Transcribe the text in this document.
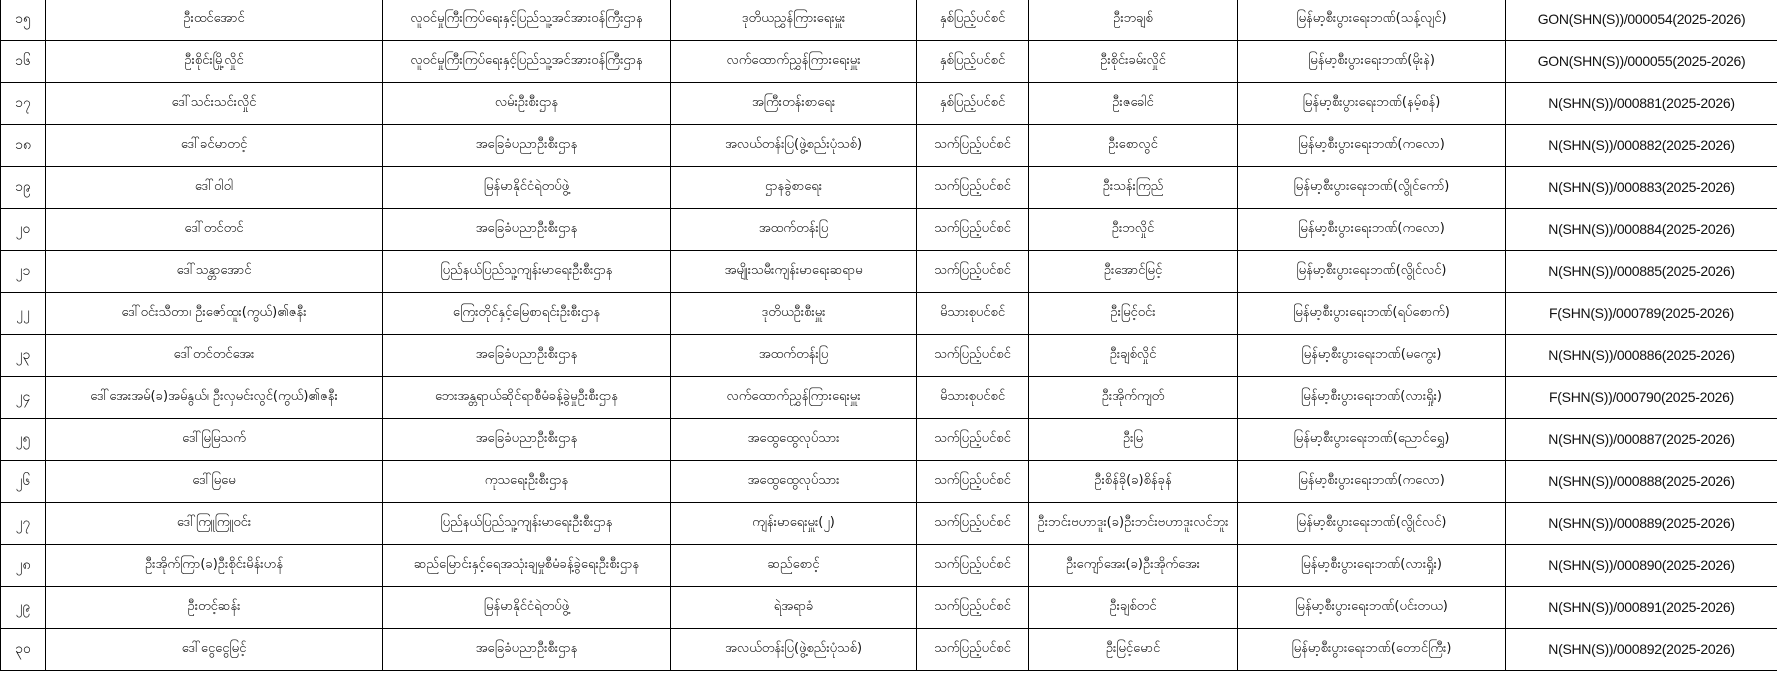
၁၅	ဦးထင်အောင်	လူဝင်မှုကြီးကြပ်ရေးနှင့်ပြည်သူ့အင်အားဝန်ကြီးဌာန	ဒုတိယညွှန်ကြားရေးမှူး	နှစ်ပြည့်ပင်စင်	ဦးဘချစ်	မြန်မာ့စီးပွားရေးဘဏ်(သန့်လျင်)	GON(SHN(S))/000054(2025-2026)
၁၆	ဦးစိုင်းမြို့လှိုင်	လူဝင်မှုကြီးကြပ်ရေးနှင့်ပြည်သူ့အင်အားဝန်ကြီးဌာန	လက်ထောက်ညွှန်ကြားရေးမှူး	နှစ်ပြည့်ပင်စင်	ဦးစိုင်းခမ်းလှိုင်	မြန်မာ့စီးပွားရေးဘဏ်(မိုးနဲ)	GON(SHN(S))/000055(2025-2026)
၁၇	ဒေါ်သင်းသင်းလှိုင်	လမ်းဦးစီးဌာန	အကြီးတန်းစာရေး	နှစ်ပြည့်ပင်စင်	ဦးဇခေါင်	မြန်မာ့စီးပွားရေးဘဏ်(နမ့်စန်)	N(SHN(S))/000881(2025-2026)
၁၈	ဒေါ်ခင်မာတင့်	အခြေခံပညာဦးစီးဌာန	အလယ်တန်းပြ(ဖွဲ့စည်းပုံသစ်)	သက်ပြည့်ပင်စင်	ဦးစောလွင်	မြန်မာ့စီးပွားရေးဘဏ်(ကလော)	N(SHN(S))/000882(2025-2026)
၁၉	ဒေါ်ဝါဝါ	မြန်မာနိုင်ငံရဲတပ်ဖွဲ့	ဌာနခွဲစာရေး	သက်ပြည့်ပင်စင်	ဦးသန်းကြည်	မြန်မာ့စီးပွားရေးဘဏ်(လွိုင်ကော်)	N(SHN(S))/000883(2025-2026)
၂၀	ဒေါ်တင်တင်	အခြေခံပညာဦးစီးဌာန	အထက်တန်းပြ	သက်ပြည့်ပင်စင်	ဦးဘလှိုင်	မြန်မာ့စီးပွားရေးဘဏ်(ကလော)	N(SHN(S))/000884(2025-2026)
၂၁	ဒေါ်သန္တာအောင်	ပြည်နယ်ပြည်သူ့ကျန်းမာရေးဦးစီးဌာန	အမျိုးသမီးကျန်းမာရေးဆရာမ	သက်ပြည့်ပင်စင်	ဦးအောင်မြင့်	မြန်မာ့စီးပွားရေးဘဏ်(လွိုင်လင်)	N(SHN(S))/000885(2025-2026)
၂၂	ဒေါ်ဝင်းသီတာ၊ ဦးဇော်ထူး(ကွယ်)၏ဇနီး	ကြေးတိုင်နှင့်မြေစာရင်းဦးစီးဌာန	ဒုတိယဦးစီးမှူး	မိသားစုပင်စင်	ဦးမြင့်ဝင်း	မြန်မာ့စီးပွားရေးဘဏ်(ရပ်စောက်)	F(SHN(S))/000789(2025-2026)
၂၃	ဒေါ်တင်တင်အေး	အခြေခံပညာဦးစီးဌာန	အထက်တန်းပြ	သက်ပြည့်ပင်စင်	ဦးချစ်လှိုင်	မြန်မာ့စီးပွားရေးဘဏ်(မကွေး)	N(SHN(S))/000886(2025-2026)
၂၄	ဒေါ်အေးအမ်(ခ)အမ်နွယ်၊ ဦးလှမင်းလွင်(ကွယ်)၏ဇနီး	ဘေးအန္တရာယ်ဆိုင်ရာစီမံခန့်ခွဲမှုဦးစီးဌာန	လက်ထောက်ညွှန်ကြားရေးမှူး	မိသားစုပင်စင်	ဦးအိုက်ကျတ်	မြန်မာ့စီးပွားရေးဘဏ်(လားရှိုး)	F(SHN(S))/000790(2025-2026)
၂၅	ဒေါ်မြမြသက်	အခြေခံပညာဦးစီးဌာန	အထွေထွေလုပ်သား	သက်ပြည့်ပင်စင်	ဦးမြ	မြန်မာ့စီးပွားရေးဘဏ်(ညောင်ရွှေ)	N(SHN(S))/000887(2025-2026)
၂၆	ဒေါ်မြမေ	ကုသရေးဦးစီးဌာန	အထွေထွေလုပ်သား	သက်ပြည့်ပင်စင်	ဦးစိန်ခို(ခ)စိန်ခုန်	မြန်မာ့စီးပွားရေးဘဏ်(ကလော)	N(SHN(S))/000888(2025-2026)
၂၇	ဒေါ်ကြူကြူဝင်း	ပြည်နယ်ပြည်သူ့ကျန်းမာရေးဦးစီးဌာန	ကျန်းမာရေးမှူး(၂)	သက်ပြည့်ပင်စင်	ဦးဘင်းဗဟာဒူး(ခ)ဦးဘင်းဗဟာဒူးလင်ဘူး	မြန်မာ့စီးပွားရေးဘဏ်(လွိုင်လင်)	N(SHN(S))/000889(2025-2026)
၂၈	ဦးအိုက်ကြာ(ခ)ဦးစိုင်းမိန်းဟန်	ဆည်မြောင်းနှင့်ရေအသုံးချမှုစီမံခန့်ခွဲရေးဦးစီးဌာန	ဆည်စောင့်	သက်ပြည့်ပင်စင်	ဦးကျော်အေး(ခ)ဦးအိုက်အေး	မြန်မာ့စီးပွားရေးဘဏ်(လားရှိုး)	N(SHN(S))/000890(2025-2026)
၂၉	ဦးတင့်ဆန်း	မြန်မာနိုင်ငံရဲတပ်ဖွဲ့	ရဲအရာခံ	သက်ပြည့်ပင်စင်	ဦးချစ်တင်	မြန်မာ့စီးပွားရေးဘဏ်(ပင်းတယ)	N(SHN(S))/000891(2025-2026)
၃၀	ဒေါ်ငွေငွေမြင့်	အခြေခံပညာဦးစီးဌာန	အလယ်တန်းပြ(ဖွဲ့စည်းပုံသစ်)	သက်ပြည့်ပင်စင်	ဦးမြင့်မောင်	မြန်မာ့စီးပွားရေးဘဏ်(တောင်ကြီး)	N(SHN(S))/000892(2025-2026)
